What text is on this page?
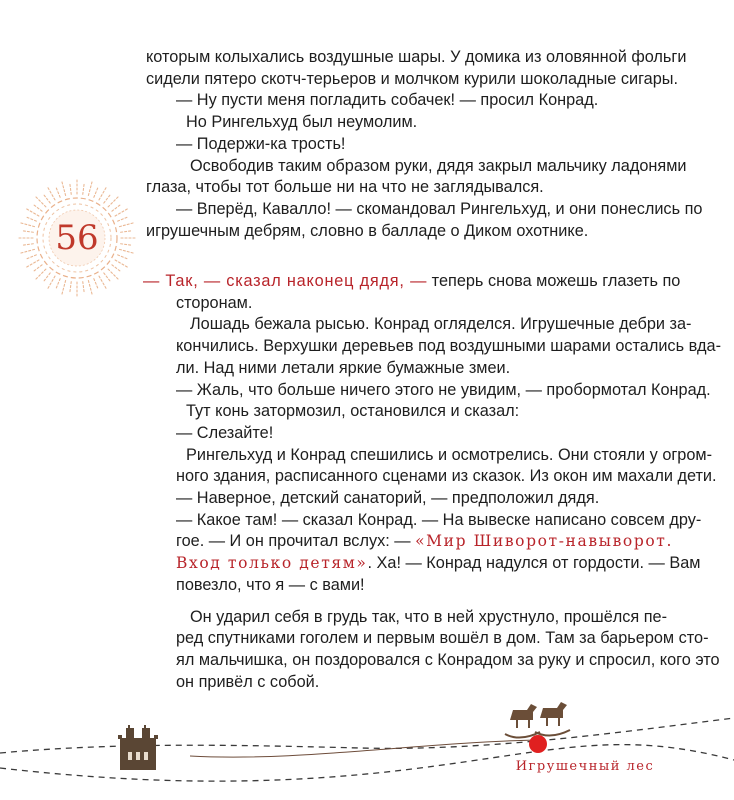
56

которым колыхались воздушные шары. У домика из оловянной фольги

сидели пятеро скотч-терьеров и молчком курили шоколадные сигары.

— Ну пусти меня погладить собачек! — просил Конрад.

Но Рингельхуд был неумолим.

— Подержи-ка трость!

Освободив таким образом руки, дядя закрыл мальчику ладонями

глаза, чтобы тот больше ни на что не заглядывался.

— Вперёд, Кавалло! — скомандовал Рингельхуд, и они понеслись по

игрушечным дебрям, словно в балладе о Диком охотнике.

— Так, — сказал наконец дядя, — теперь снова можешь глазеть по

сторонам.

Лошадь бежала рысью. Конрад огляделся. Игрушечные дебри за-

кончились. Верхушки деревьев под воздушными шарами остались вда-

ли. Над ними летали яркие бумажные змеи.

— Жаль, что больше ничего этого не увидим, — пробормотал Конрад.

Тут конь затормозил, остановился и сказал:

— Слезайте!

Рингельхуд и Конрад спешились и осмотрелись. Они стояли у огром-

ного здания, расписанного сценами из сказок. Из окон им махали дети.

— Наверное, детский санаторий, — предположил дядя.

— Какое там! — сказал Конрад. — На вывеске написано совсем дру-

гое. — И он прочитал вслух: — «Мир Шиворот-навыворот.

Вход только детям». Ха! — Конрад надулся от гордости. — Вам

повезло, что я — с вами!

Он ударил себя в грудь так, что в ней хрустнуло, прошёлся пе-

ред спутниками гоголем и первым вошёл в дом. Там за барьером сто-

ял мальчишка, он поздоровался с Конрадом за руку и спросил, кого это

он привёл с собой.

Игрушечный лес
